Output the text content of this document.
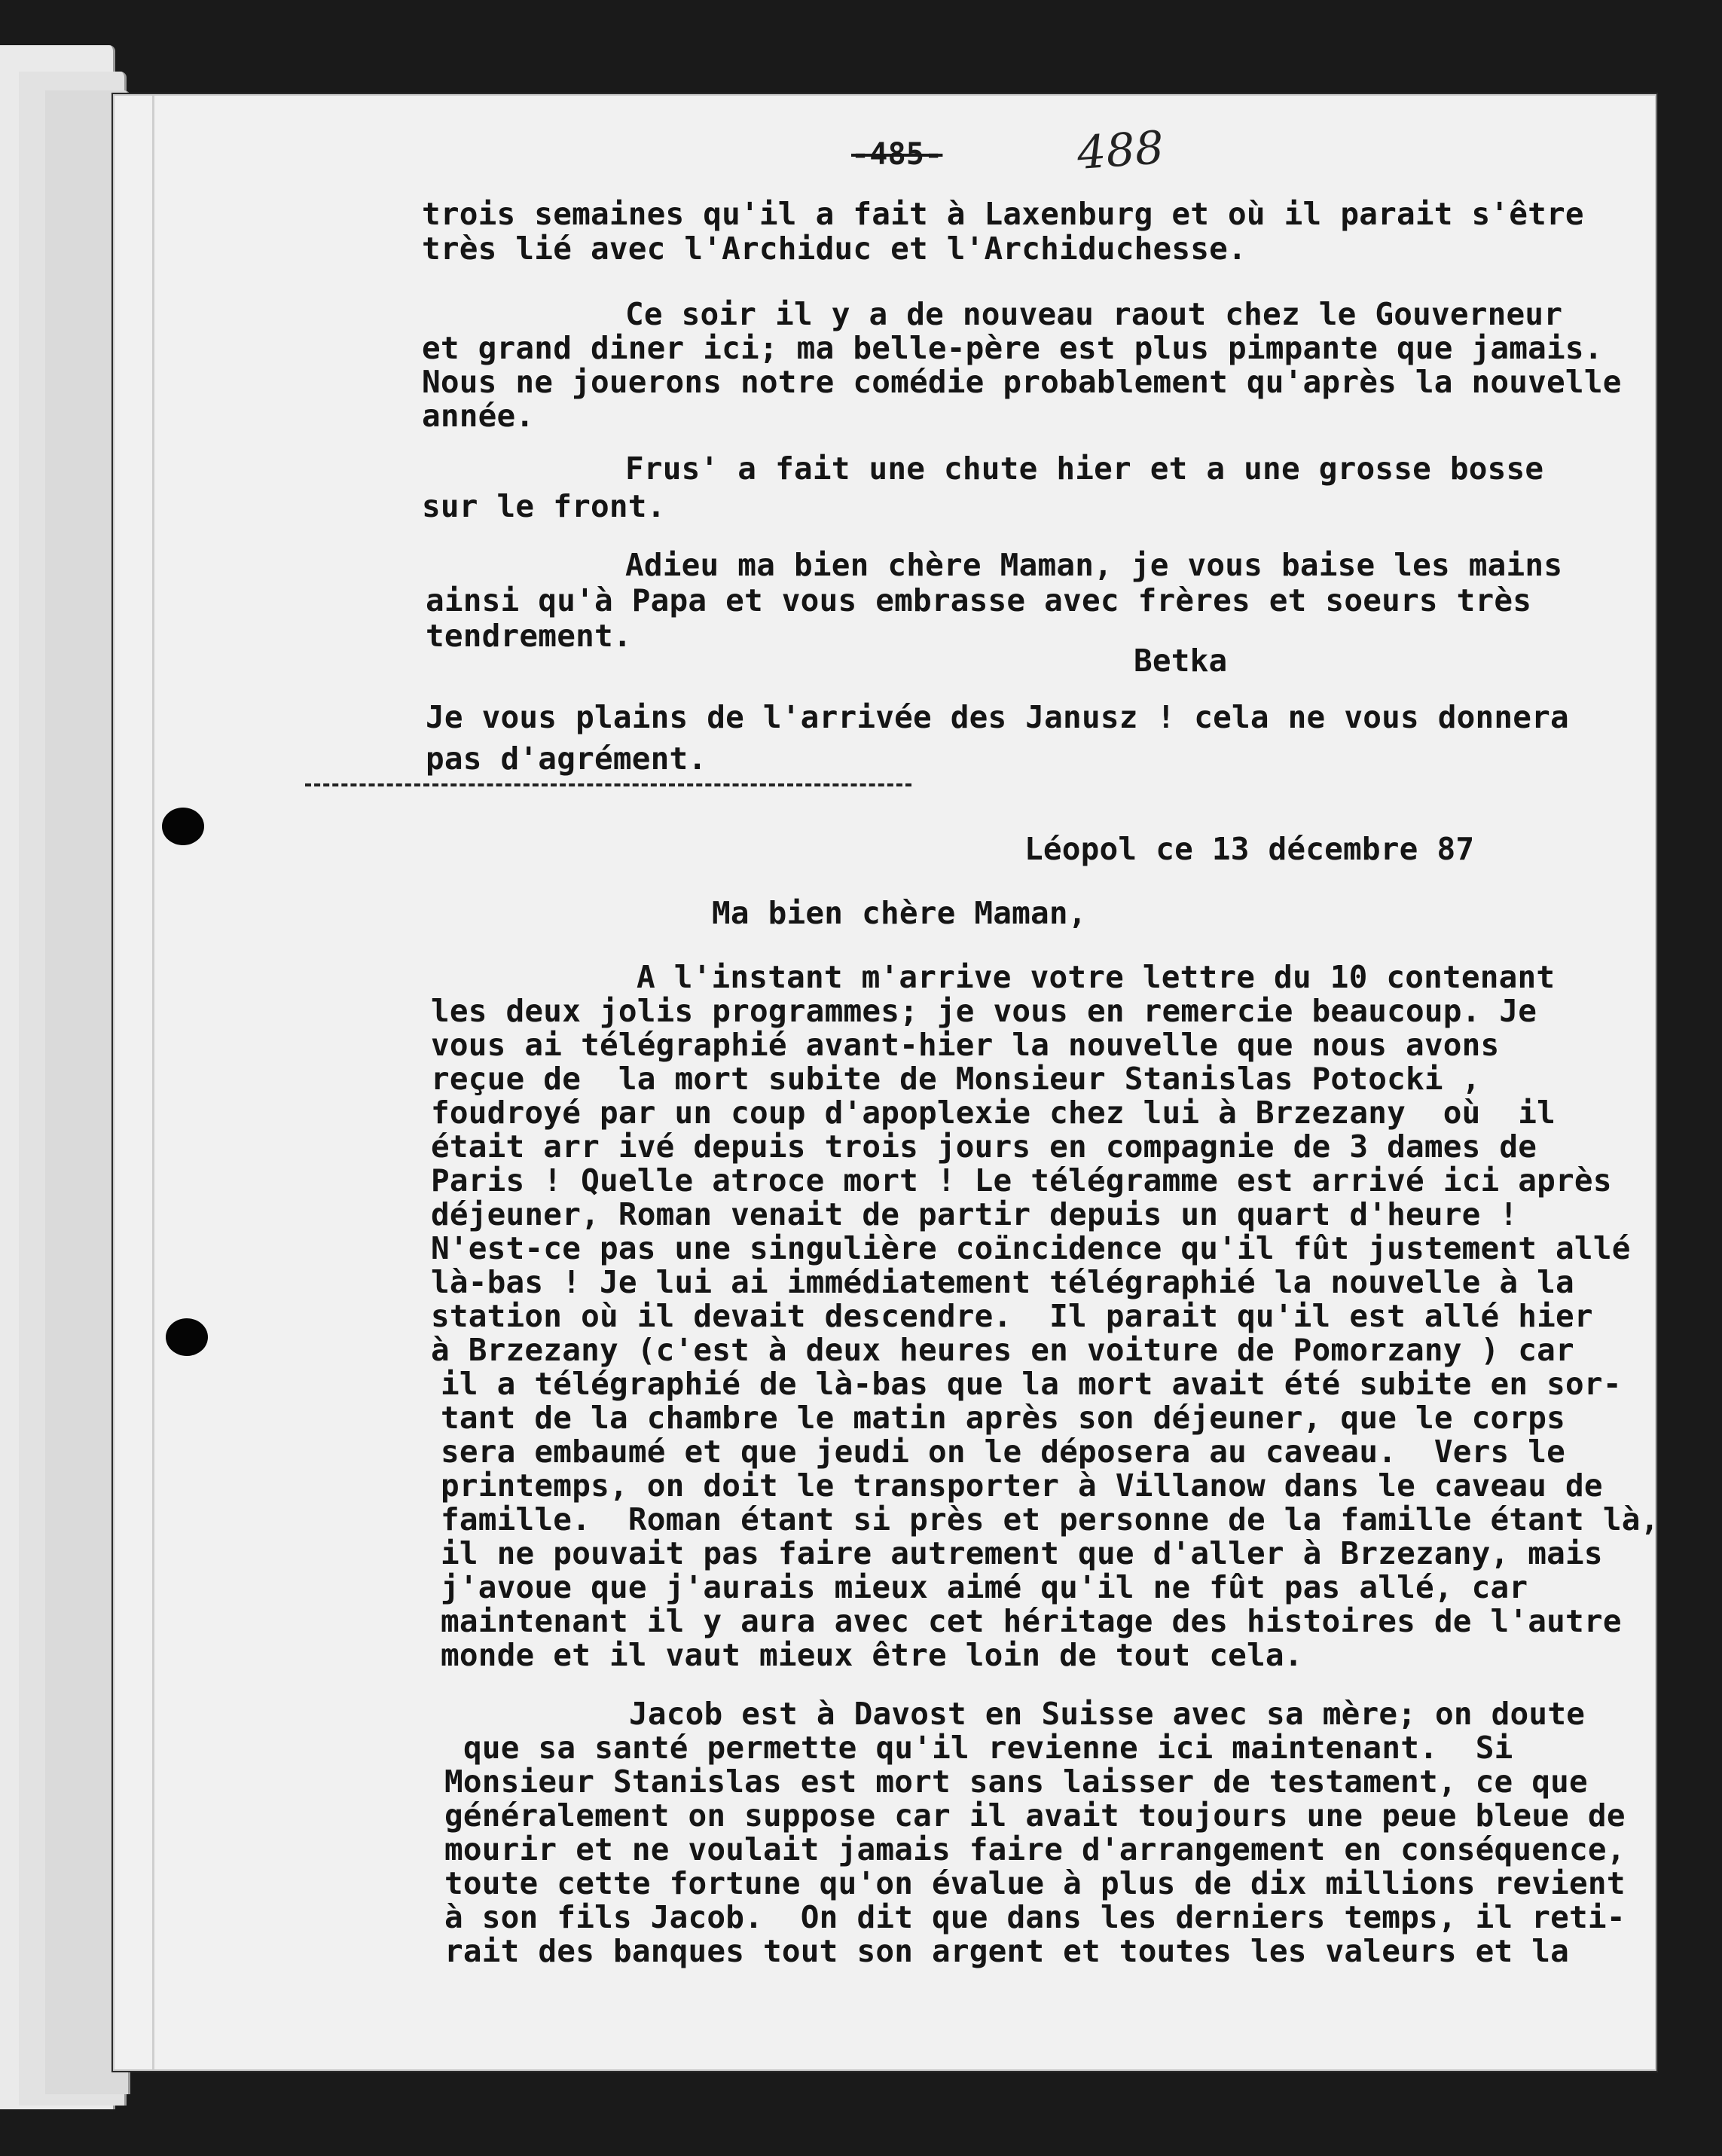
-485-	488
trois semaines qu'il a fait à Laxenburg et où il parait s'être
très lié avec l'Archiduc et l'Archiduchesse.
Ce soir il y a de nouveau raout chez le Gouverneur
et grand diner ici; ma belle-père est plus pimpante que jamais.
Nous ne jouerons notre comédie probablement qu'après la nouvelle
année.
Frus' a fait une chute hier et a une grosse bosse
sur le front.
Adieu ma bien chère Maman, je vous baise les mains
ainsi qu'à Papa et vous embrasse avec frères et soeurs très
tendrement.
Betka
Je vous plains de l'arrivée des Janusz ! cela ne vous donnera
pas d'agrément.
Léopol ce 13 décembre 87
Ma bien chère Maman,
A l'instant m'arrive votre lettre du 10 contenant
les deux jolis programmes; je vous en remercie beaucoup. Je
vous ai télégraphié avant-hier la nouvelle que nous avons
reçue de  la mort subite de Monsieur Stanislas Potocki ,
foudroyé par un coup d'apoplexie chez lui à Brzezany  où  il
était arr ivé depuis trois jours en compagnie de 3 dames de
Paris ! Quelle atroce mort ! Le télégramme est arrivé ici après
déjeuner, Roman venait de partir depuis un quart d'heure !
N'est-ce pas une singulière coïncidence qu'il fût justement allé
là-bas ! Je lui ai immédiatement télégraphié la nouvelle à la
station où il devait descendre.  Il parait qu'il est allé hier
à Brzezany (c'est à deux heures en voiture de Pomorzany ) car
il a télégraphié de là-bas que la mort avait été subite en sor-
tant de la chambre le matin après son déjeuner, que le corps
sera embaumé et que jeudi on le déposera au caveau.  Vers le
printemps, on doit le transporter à Villanow dans le caveau de
famille.  Roman étant si près et personne de la famille étant là,
il ne pouvait pas faire autrement que d'aller à Brzezany, mais
j'avoue que j'aurais mieux aimé qu'il ne fût pas allé, car
maintenant il y aura avec cet héritage des histoires de l'autre
monde et il vaut mieux être loin de tout cela.
Jacob est à Davost en Suisse avec sa mère; on doute
que sa santé permette qu'il revienne ici maintenant.  Si
Monsieur Stanislas est mort sans laisser de testament, ce que
généralement on suppose car il avait toujours une peue bleue de
mourir et ne voulait jamais faire d'arrangement en conséquence,
toute cette fortune qu'on évalue à plus de dix millions revient
à son fils Jacob.  On dit que dans les derniers temps, il reti-
rait des banques tout son argent et toutes les valeurs et la
